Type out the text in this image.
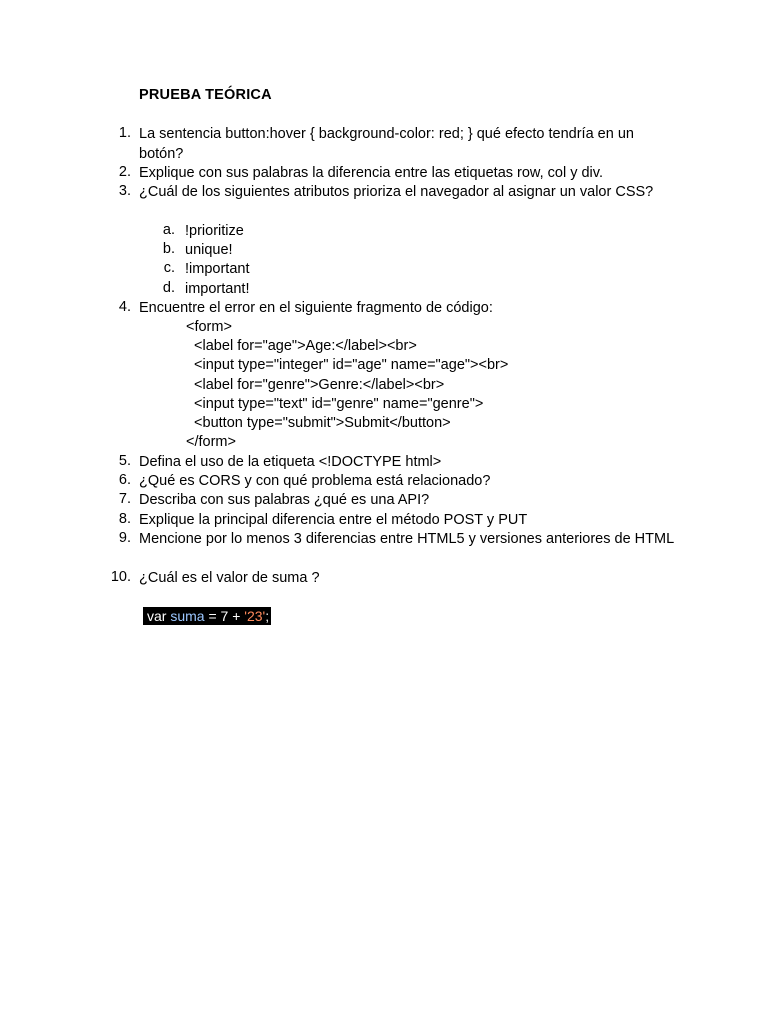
PRUEBA TEÓRICA
1. La sentencia button:hover { background-color: red; } qué efecto tendría en un botón?
2. Explique con sus palabras la diferencia entre las etiquetas row, col y div.
3. ¿Cuál de los siguientes atributos prioriza el navegador al asignar un valor CSS?
a. !prioritize
b. unique!
c. !important
d. important!
4. Encuentre el error en el siguiente fragmento de código:
<form>
<label for="age">Age:</label><br>
<input type="integer" id="age" name="age"><br>
<label for="genre">Genre:</label><br>
<input type="text" id="genre" name="genre">
<button type="submit">Submit</button>
</form>
5. Defina el uso de la etiqueta <!DOCTYPE html>
6. ¿Qué es CORS y con qué problema está relacionado?
7. Describa con sus palabras ¿qué es una API?
8. Explique la principal diferencia entre el método POST y PUT
9. Mencione por lo menos 3 diferencias entre HTML5 y versiones anteriores de HTML
10. ¿Cuál es el valor de suma ?
var suma = 7 + '23';
